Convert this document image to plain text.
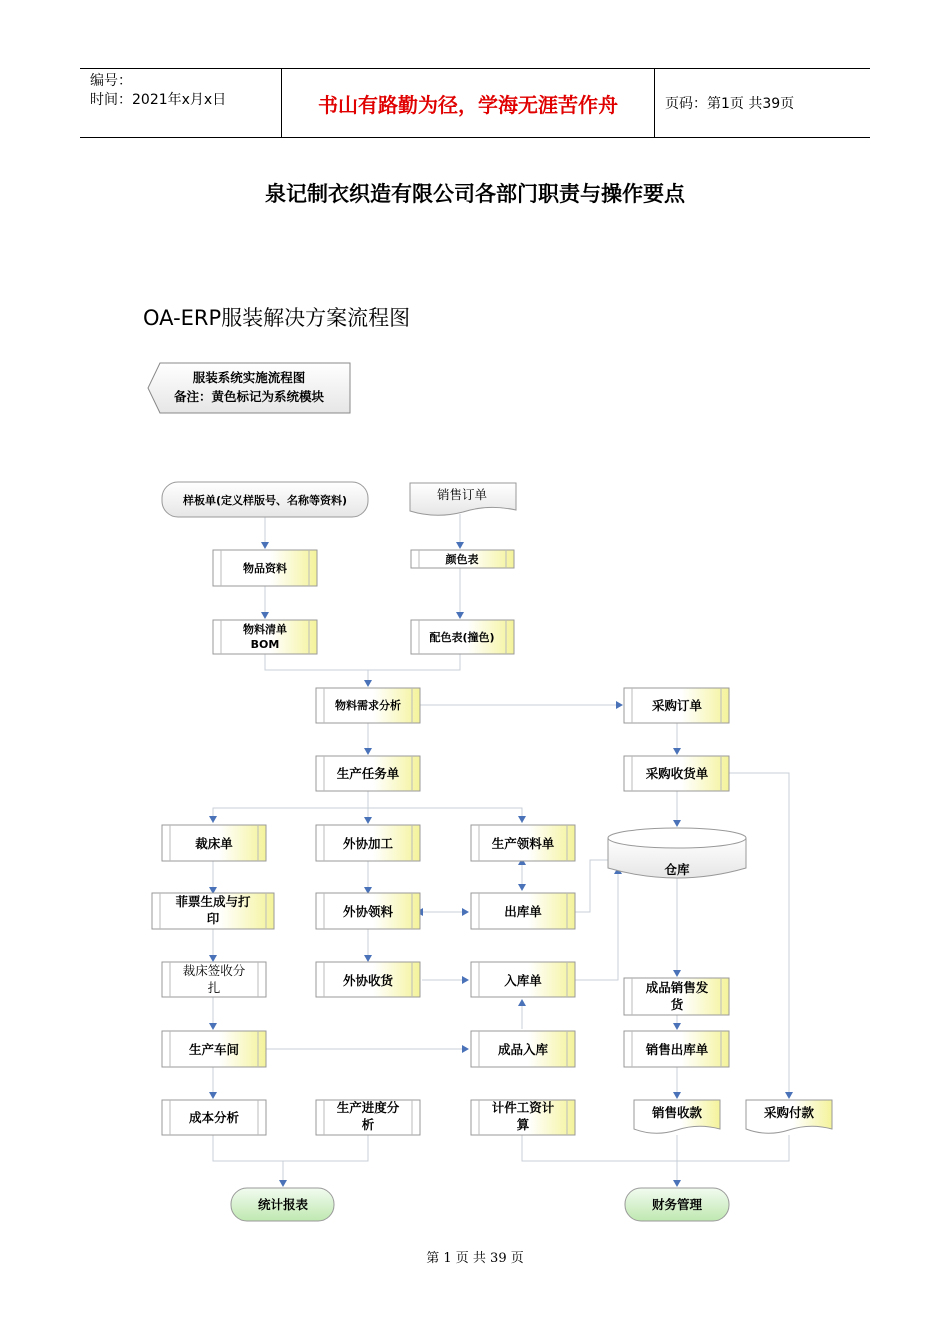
编号：
时间：2021年x月x日	书山有路勤为径，学海无涯苦作舟	页码：第1页 共39页
泉记制衣织造有限公司各部门职责与操作要点
OA-ERP服装解决方案流程图
服装系统实施流程图
备注：黄色标记为系统模块
样板单(定义样版号、名称等资料)	销售订单
物品资料
颜色表
物料清单
BOM
配色表(撞色)
物料需求分析	采购订单
生产任务单	采购收货单
裁床单	外协加工	生产领料单
仓库
菲票生成与打
印	外协领料	出库单
裁床签收分
扎	外协收货	入库单	成品销售发
货
生产车间	成品入库	销售出库单
成本分析
生产进度分
析
计件工资计
算
销售收款	采购付款
统计报表	财务管理
第 1 页 共 39 页
